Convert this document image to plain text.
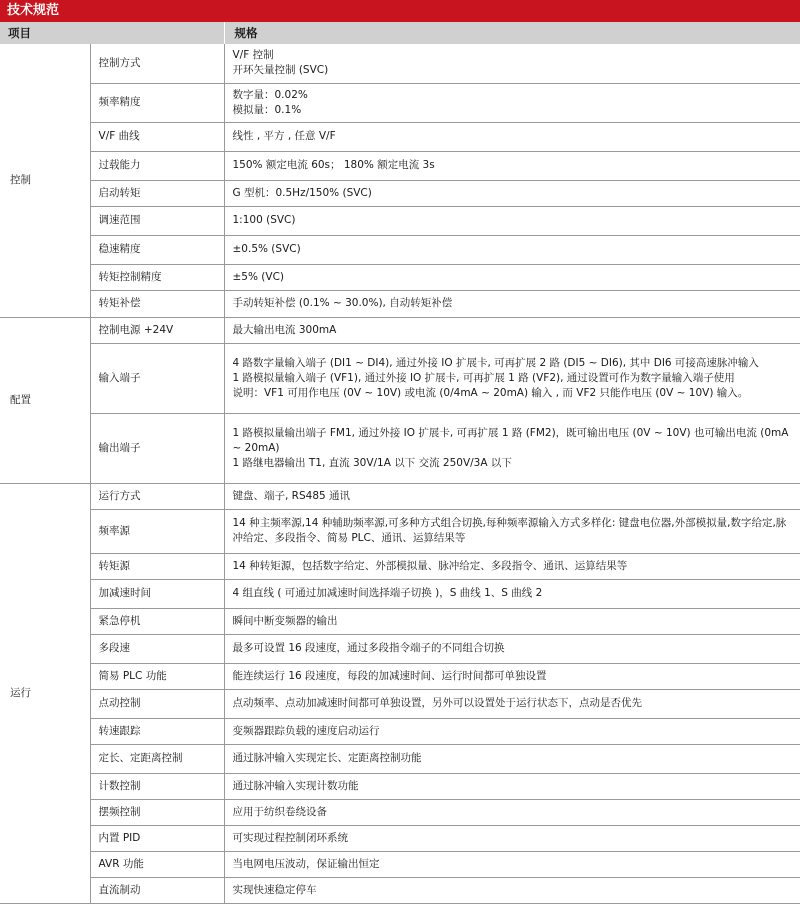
技术规范
项目		规格
控制	控制方式	V/F 控制
开环矢量控制 (SVC)
	频率精度	数字量：0.02%
模拟量：0.1%
	V/F 曲线	线性 , 平方 , 任意 V/F
	过载能力	150% 额定电流 60s； 180% 额定电流 3s
	启动转矩	G 型机：0.5Hz/150% (SVC)
	调速范围	1:100 (SVC)
	稳速精度	±0.5% (SVC)
	转矩控制精度	±5% (VC)
	转矩补偿	手动转矩补偿 (0.1% ~ 30.0%), 自动转矩补偿
配置	控制电源 +24V	最大输出电流 300mA
	输入端子	4 路数字量输入端子 (DI1 ~ DI4), 通过外接 IO 扩展卡, 可再扩展 2 路 (DI5 ~ DI6), 其中 DI6 可接高速脉冲输入
1 路模拟量输入端子 (VF1), 通过外接 IO 扩展卡, 可再扩展 1 路 (VF2), 通过设置可作为数字量输入端子使用
说明：VF1 可用作电压 (0V ~ 10V) 或电流 (0/4mA ~ 20mA) 输入 , 而 VF2 只能作电压 (0V ~ 10V) 输入。
	输出端子	1 路模拟量输出端子 FM1, 通过外接 IO 扩展卡, 可再扩展 1 路 (FM2)，既可输出电压 (0V ~ 10V) 也可输出电流 (0mA ~ 20mA)
1 路继电器输出 T1, 直流 30V/1A 以下 交流 250V/3A 以下
运行	运行方式	键盘、端子, RS485 通讯
	频率源	14 种主频率源,14 种辅助频率源,可多种方式组合切换,每种频率源输入方式多样化: 键盘电位器,外部模拟量,数字给定,脉冲给定、多段指令、简易 PLC、通讯、运算结果等
	转矩源	14 种转矩源，包括数字给定、外部模拟量、脉冲给定、多段指令、通讯、运算结果等
	加减速时间	4 组直线 ( 可通过加减速时间选择端子切换 )，S 曲线 1、S 曲线 2
	紧急停机	瞬间中断变频器的输出
	多段速	最多可设置 16 段速度，通过多段指令端子的不同组合切换
	简易 PLC 功能	能连续运行 16 段速度，每段的加减速时间、运行时间都可单独设置
	点动控制	点动频率、点动加减速时间都可单独设置，另外可以设置处于运行状态下，点动是否优先
	转速跟踪	变频器跟踪负载的速度启动运行
	定长、定距离控制	通过脉冲输入实现定长、定距离控制功能
	计数控制	通过脉冲输入实现计数功能
	摆频控制	应用于纺织卷绕设备
	内置 PID	可实现过程控制闭环系统
	AVR 功能	当电网电压波动，保证输出恒定
	直流制动	实现快速稳定停车
